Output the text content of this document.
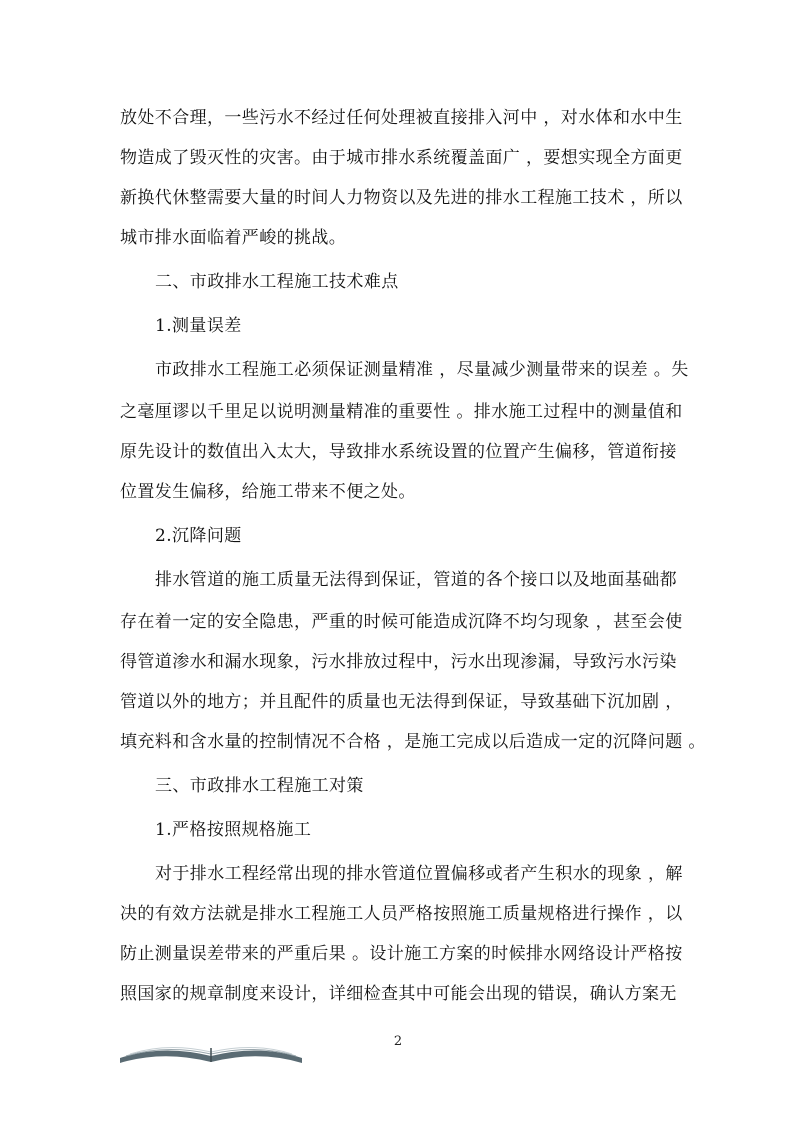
放处不合理，一些污水不经过任何处理被直接排入河中 ，对水体和水中生
物造成了毁灭性的灾害。由于城市排水系统覆盖面广 ，要想实现全方面更
新换代休整需要大量的时间人力物资以及先进的排水工程施工技术 ，所以
城市排水面临着严峻的挑战。
二、市政排水工程施工技术难点
1.测量误差
市政排水工程施工必须保证测量精准 ，尽量减少测量带来的误差 。失
之毫厘谬以千里足以说明测量精准的重要性 。排水施工过程中的测量值和
原先设计的数值出入太大，导致排水系统设置的位置产生偏移，管道衔接
位置发生偏移，给施工带来不便之处。
2.沉降问题
排水管道的施工质量无法得到保证，管道的各个接口以及地面基础都
存在着一定的安全隐患，严重的时候可能造成沉降不均匀现象 ，甚至会使
得管道渗水和漏水现象，污水排放过程中，污水出现渗漏，导致污水污染
管道以外的地方；并且配件的质量也无法得到保证，导致基础下沉加剧 ，
填充料和含水量的控制情况不合格 ，是施工完成以后造成一定的沉降问题 。
三、市政排水工程施工对策
1.严格按照规格施工
对于排水工程经常出现的排水管道位置偏移或者产生积水的现象 ，解
决的有效方法就是排水工程施工人员严格按照施工质量规格进行操作 ，以
防止测量误差带来的严重后果 。设计施工方案的时候排水网络设计严格按
照国家的规章制度来设计，详细检查其中可能会出现的错误，确认方案无
2
